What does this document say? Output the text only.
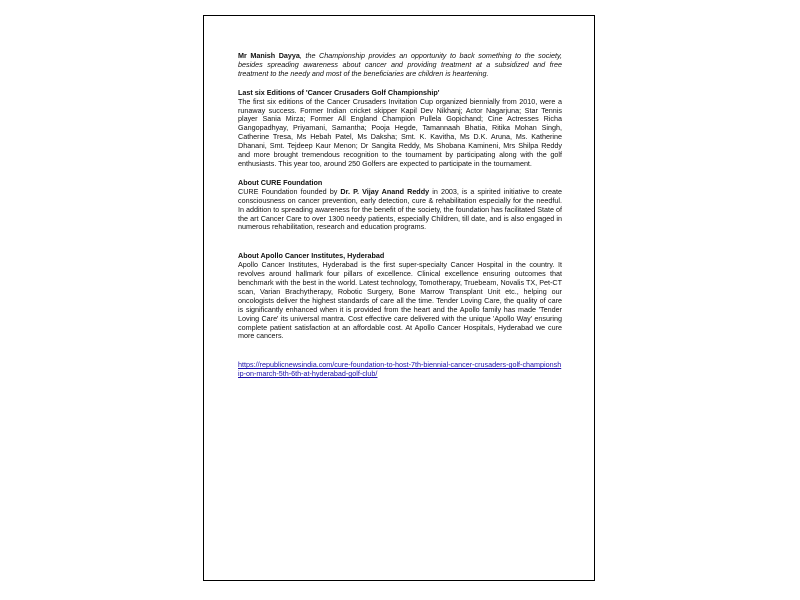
Mr Manish Dayya, the Championship provides an opportunity to back something to the society, besides spreading awareness about cancer and providing treatment at a subsidized and free treatment to the needy and most of the beneficiaries are children is heartening.

Last six Editions of 'Cancer Crusaders Golf Championship'

The first six editions of the Cancer Crusaders Invitation Cup organized biennially from 2010, were a runaway success. Former Indian cricket skipper Kapil Dev Nikhanj; Actor Nagarjuna; Star Tennis player Sania Mirza; Former All England Champion Pullela Gopichand; Cine Actresses Richa Gangopadhyay, Priyamani, Samantha; Pooja Hegde, Tamannaah Bhatia, Ritika Mohan Singh, Catherine Tresa, Ms Hebah Patel, Ms Daksha; Smt. K. Kavitha, Ms D.K. Aruna, Ms. Katherine Dhanani, Smt. Tejdeep Kaur Menon; Dr Sangita Reddy, Ms Shobana Kamineni, Mrs Shilpa Reddy and more brought tremendous recognition to the tournament by participating along with the golf enthusiasts. This year too, around 250 Golfers are expected to participate in the tournament.

About CURE Foundation

CURE Foundation founded by Dr. P. Vijay Anand Reddy in 2003, is a spirited initiative to create consciousness on cancer prevention, early detection, cure & rehabilitation especially for the needful. In addition to spreading awareness for the benefit of the society, the foundation has facilitated State of the art Cancer Care to over 1300 needy patients, especially Children, till date, and is also engaged in numerous rehabilitation, research and education programs.

About Apollo Cancer Institutes, Hyderabad

Apollo Cancer Institutes, Hyderabad is the first super-specialty Cancer Hospital in the country. It revolves around hallmark four pillars of excellence. Clinical excellence ensuring outcomes that benchmark with the best in the world. Latest technology, Tomotherapy, Truebeam, Novalis TX, Pet-CT scan, Varian Brachytherapy, Robotic Surgery, Bone Marrow Transplant Unit etc., helping our oncologists deliver the highest standards of care all the time. Tender Loving Care, the quality of care is significantly enhanced when it is provided from the heart and the Apollo family has made 'Tender Loving Care' its universal mantra. Cost effective care delivered with the unique 'Apollo Way' ensuring complete patient satisfaction at an affordable cost. At Apollo Cancer Hospitals, Hyderabad we cure more cancers.

https://republicnewsindia.com/cure-foundation-to-host-7th-biennial-cancer-crusaders-golf-championship-on-march-5th-6th-at-hyderabad-golf-club/
